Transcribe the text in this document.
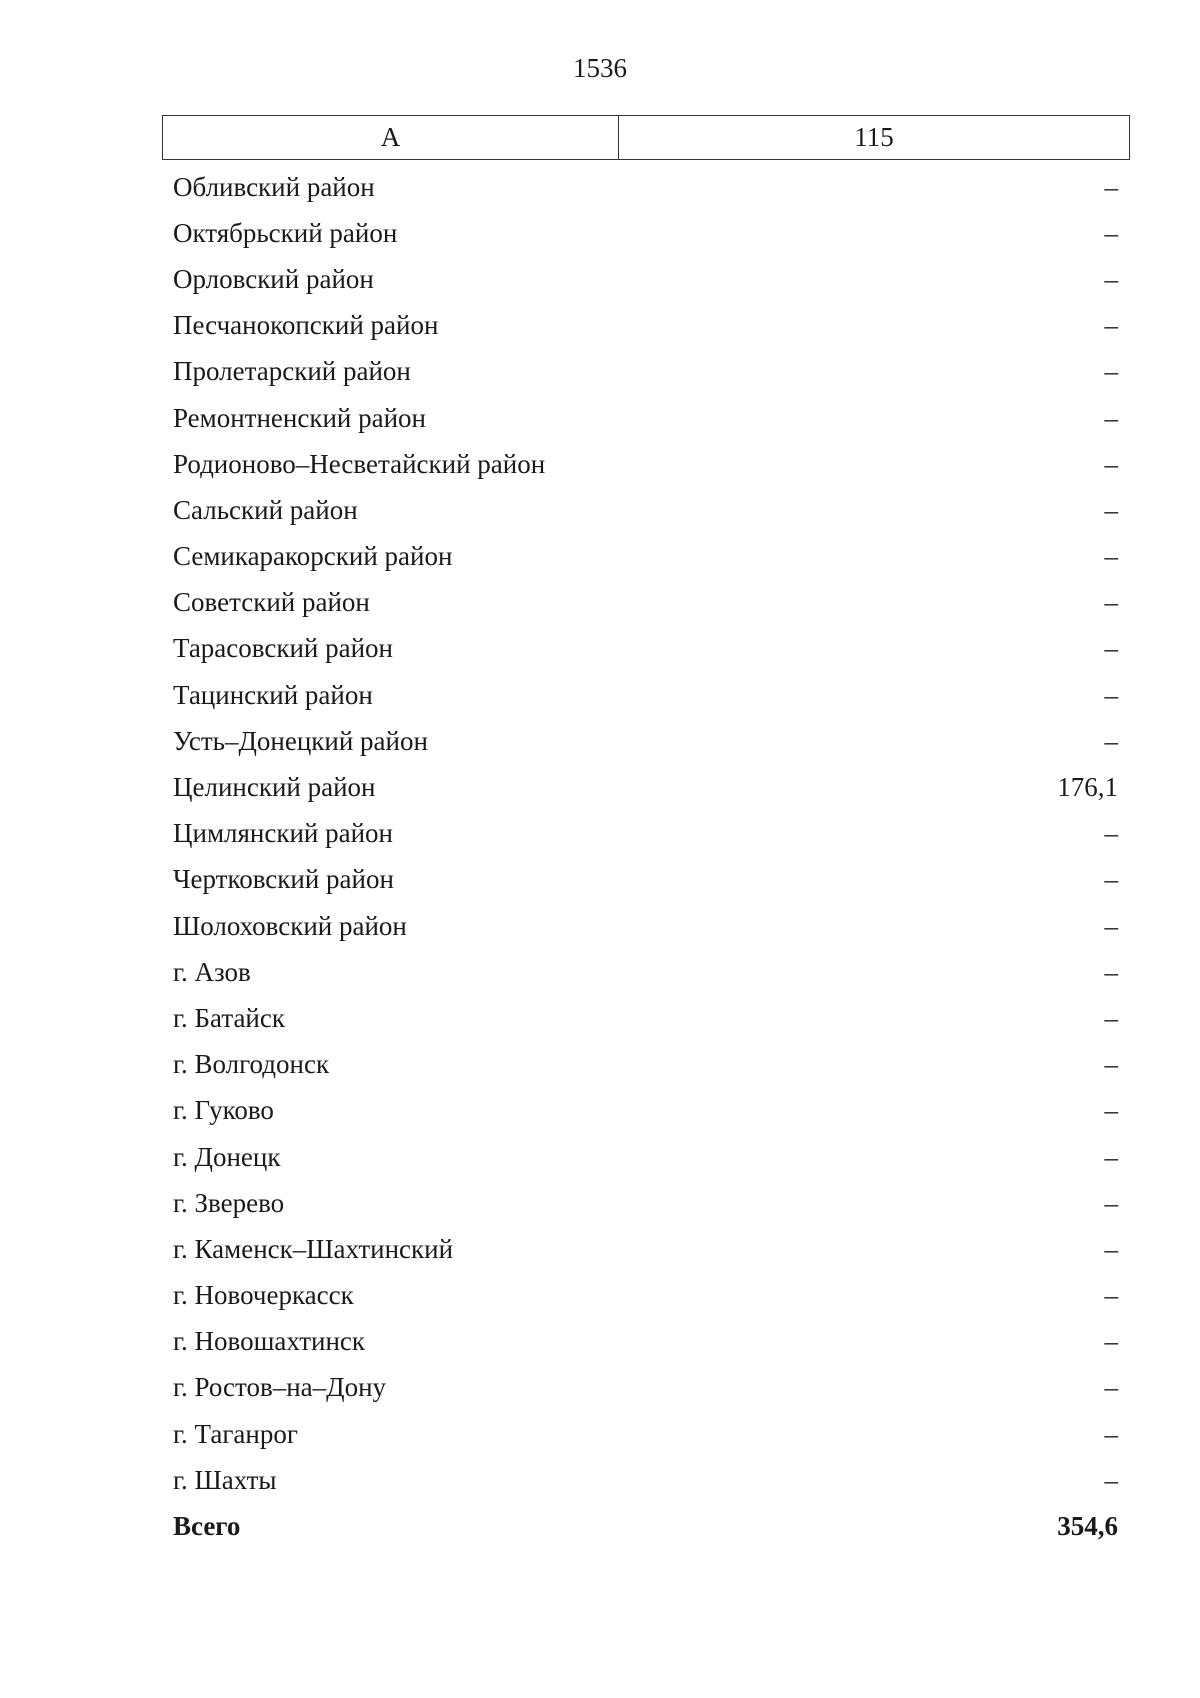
1536
А	115
Обливский район	–
Октябрьский район	–
Орловский район	–
Песчанокопский район	–
Пролетарский район	–
Ремонтненский район	–
Родионово–Несветайский район	–
Сальский район	–
Семикаракорский район	–
Советский район	–
Тарасовский район	–
Тацинский район	–
Усть–Донецкий район	–
Целинский район	176,1
Цимлянский район	–
Чертковский район	–
Шолоховский район	–
г. Азов	–
г. Батайск	–
г. Волгодонск	–
г. Гуково	–
г. Донецк	–
г. Зверево	–
г. Каменск–Шахтинский	–
г. Новочеркасск	–
г. Новошахтинск	–
г. Ростов–на–Дону	–
г. Таганрог	–
г. Шахты	–
Всего	354,6
